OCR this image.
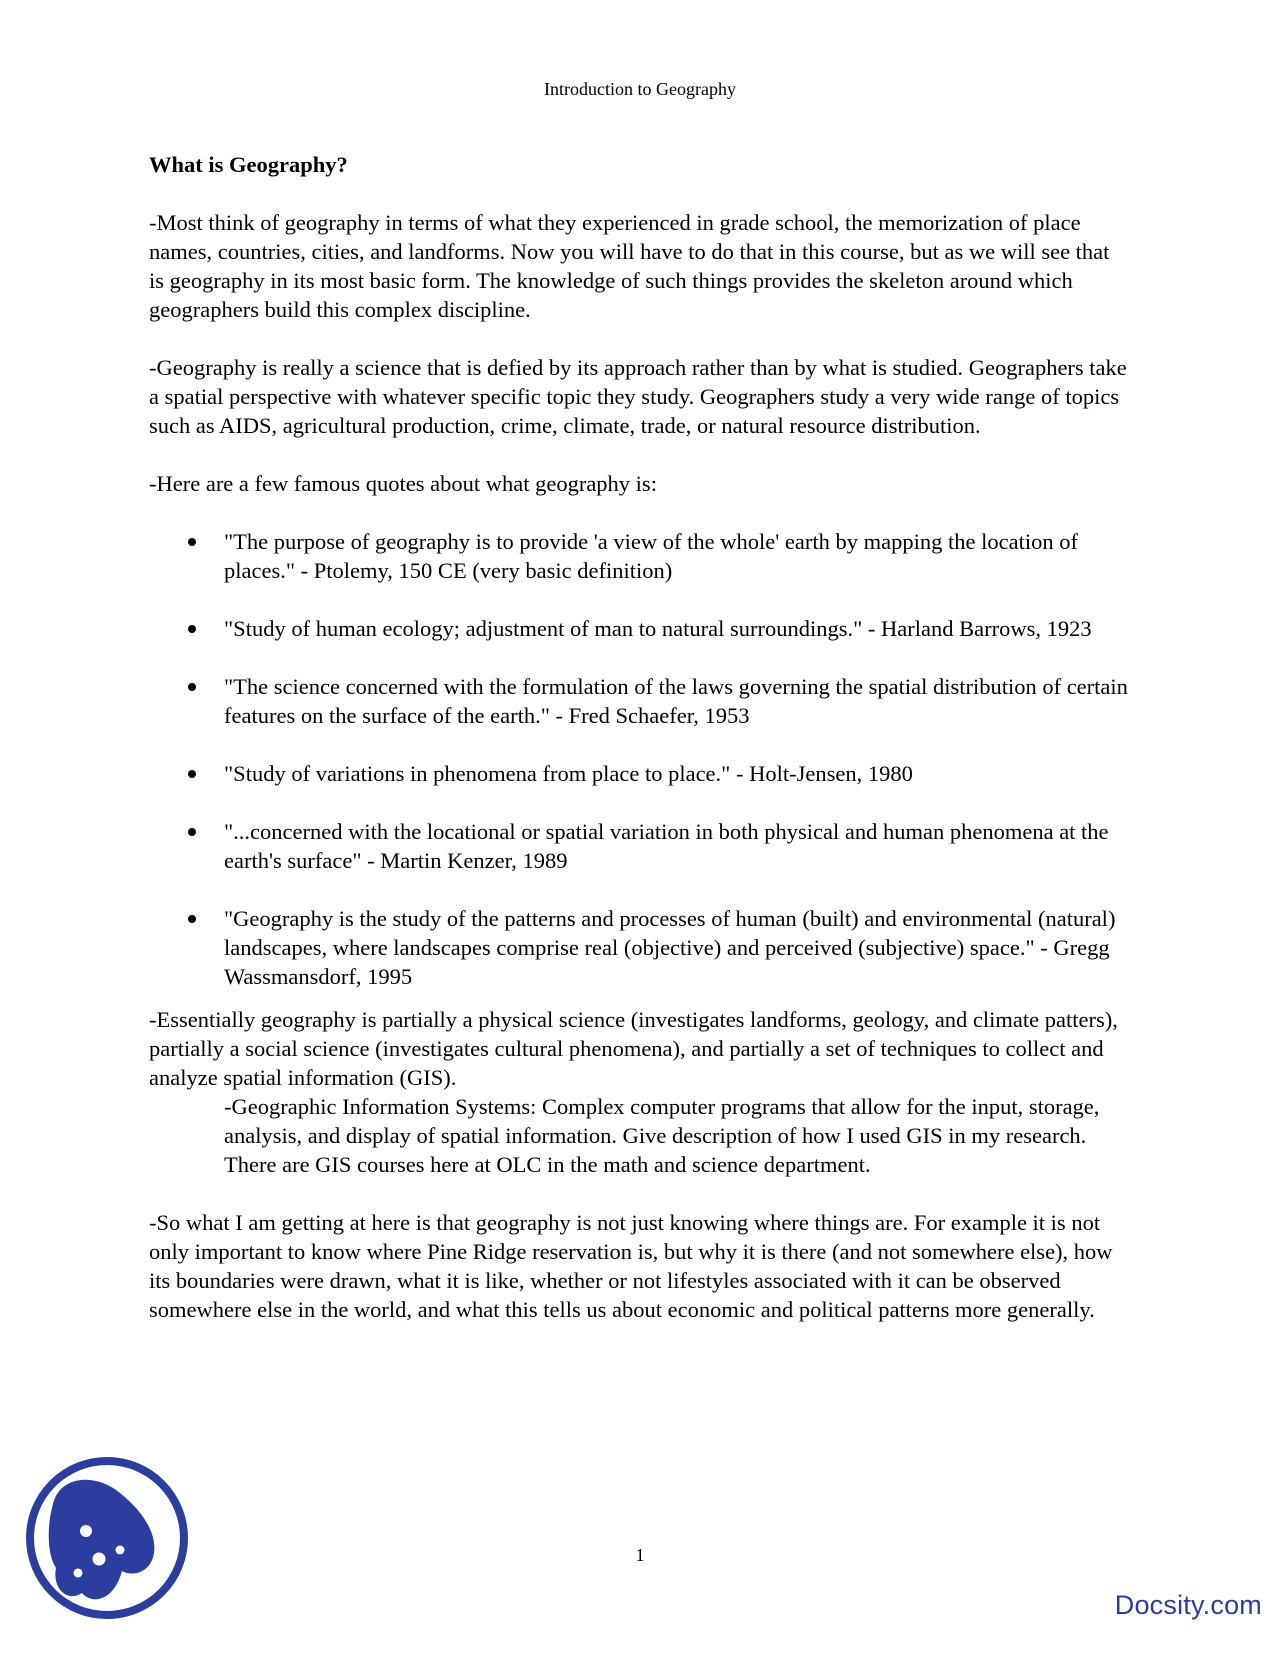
Introduction to Geography
What is Geography?

-Most think of geography in terms of what they experienced in grade school, the memorization of place names, countries, cities, and landforms. Now you will have to do that in this course, but as we will see that is geography in its most basic form. The knowledge of such things provides the skeleton around which geographers build this complex discipline.

-Geography is really a science that is defied by its approach rather than by what is studied. Geographers take a spatial perspective with whatever specific topic they study. Geographers study a very wide range of topics such as AIDS, agricultural production, crime, climate, trade, or natural resource distribution.

-Here are a few famous quotes about what geography is:

"The purpose of geography is to provide 'a view of the whole' earth by mapping the location of places." - Ptolemy, 150 CE (very basic definition)
"Study of human ecology; adjustment of man to natural surroundings." - Harland Barrows, 1923
"The science concerned with the formulation of the laws governing the spatial distribution of certain features on the surface of the earth." - Fred Schaefer, 1953
"Study of variations in phenomena from place to place." - Holt-Jensen, 1980
"...concerned with the locational or spatial variation in both physical and human phenomena at the earth's surface" - Martin Kenzer, 1989
"Geography is the study of the patterns and processes of human (built) and environmental (natural) landscapes, where landscapes comprise real (objective) and perceived (subjective) space." - Gregg Wassmansdorf, 1995

-Essentially geography is partially a physical science (investigates landforms, geology, and climate patters), partially a social science (investigates cultural phenomena), and partially a set of techniques to collect and analyze spatial information (GIS).

-Geographic Information Systems: Complex computer programs that allow for the input, storage, analysis, and display of spatial information. Give description of how I used GIS in my research. There are GIS courses here at OLC in the math and science department.

-So what I am getting at here is that geography is not just knowing where things are. For example it is not only important to know where Pine Ridge reservation is, but why it is there (and not somewhere else), how its boundaries were drawn, what it is like, whether or not lifestyles associated with it can be observed somewhere else in the world, and what this tells us about economic and political patterns more generally.

1
Docsity.com
